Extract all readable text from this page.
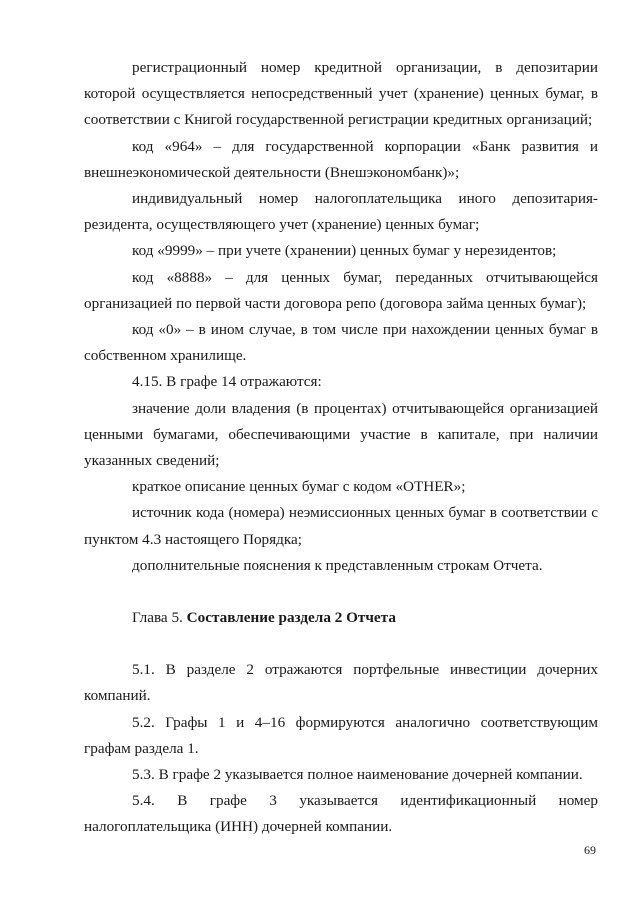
регистрационный номер кредитной организации, в депозитарии которой осуществляется непосредственный учет (хранение) ценных бумаг, в соответствии с Книгой государственной регистрации кредитных организаций;

код «964» – для государственной корпорации «Банк развития и внешнеэкономической деятельности (Внешэкономбанк)»;

индивидуальный номер налогоплательщика иного депозитария-резидента, осуществляющего учет (хранение) ценных бумаг;

код «9999» – при учете (хранении) ценных бумаг у нерезидентов;

код «8888» – для ценных бумаг, переданных отчитывающейся организацией по первой части договора репо (договора займа ценных бумаг);

код «0» – в ином случае, в том числе при нахождении ценных бумаг в собственном хранилище.

4.15. В графе 14 отражаются:

значение доли владения (в процентах) отчитывающейся организацией ценными бумагами, обеспечивающими участие в капитале, при наличии указанных сведений;

краткое описание ценных бумаг с кодом «OTHER»;

источник кода (номера) неэмиссионных ценных бумаг в соответствии с пунктом 4.3 настоящего Порядка;

дополнительные пояснения к представленным строкам Отчета.

Глава 5. Составление раздела 2 Отчета

5.1. В разделе 2 отражаются портфельные инвестиции дочерних компаний.

5.2. Графы 1 и 4–16 формируются аналогично соответствующим графам раздела 1.

5.3. В графе 2 указывается полное наименование дочерней компании.

5.4. В графе 3 указывается идентификационный номер налогоплательщика (ИНН) дочерней компании.

69
